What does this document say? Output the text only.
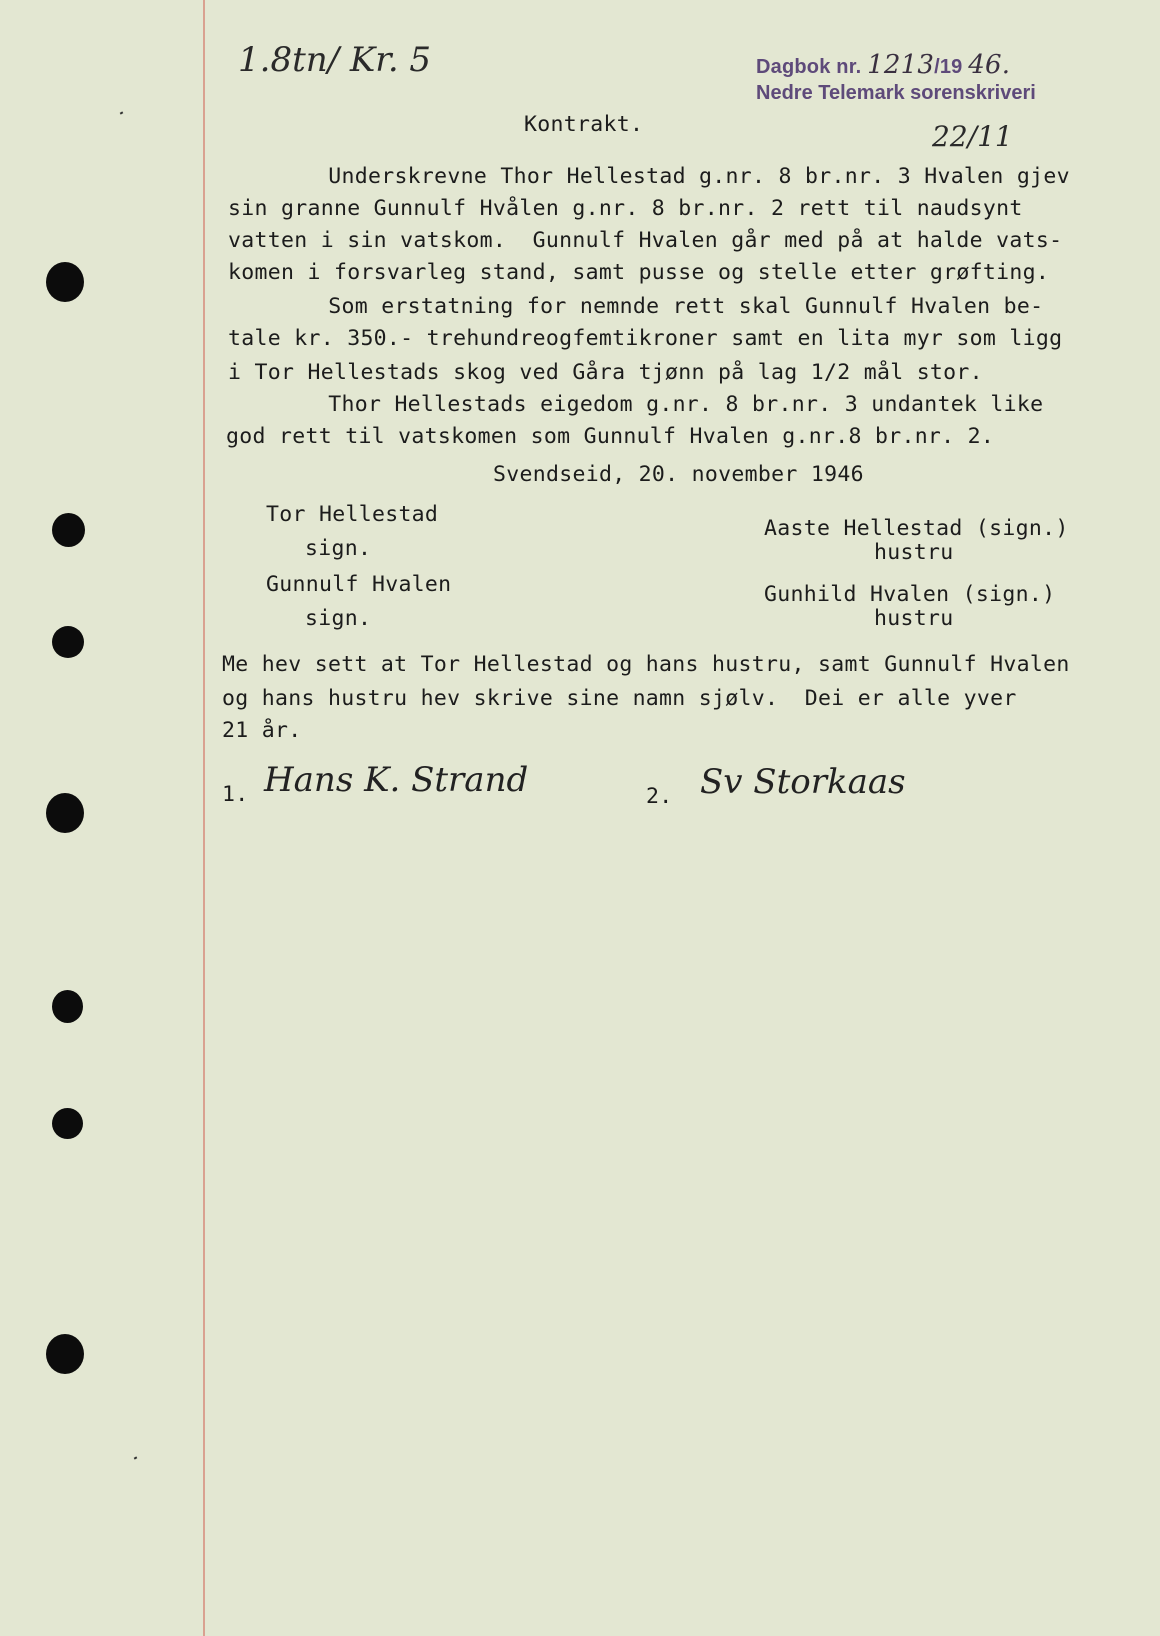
1.8tn/ Kr. 5	Dagbok nr. 1213/19 46.
Nedre Telemark sorenskriveri
22/11
Kontrakt.
Underskrevne Thor Hellestad g.nr. 8 br.nr. 3 Hvalen gjev
sin granne Gunnulf Hvålen g.nr. 8 br.nr. 2 rett til naudsynt
vatten i sin vatskom.  Gunnulf Hvalen går med på at halde vats-
komen i forsvarleg stand, samt pusse og stelle etter grøfting.
Som erstatning for nemnde rett skal Gunnulf Hvalen be-
tale kr. 350.- trehundreogfemtikroner samt en lita myr som ligg
i Tor Hellestads skog ved Gåra tjønn på lag 1/2 mål stor.
Thor Hellestads eigedom g.nr. 8 br.nr. 3 undantek like
god rett til vatskomen som Gunnulf Hvalen g.nr.8 br.nr. 2.
Svendseid, 20. november 1946
Tor Hellestad
sign.
Gunnulf Hvalen
sign.
Aaste Hellestad (sign.)
hustru
Gunhild Hvalen (sign.)
hustru
Me hev sett at Tor Hellestad og hans hustru, samt Gunnulf Hvalen
og hans hustru hev skrive sine namn sjølv.  Dei er alle yver
21 år.
1. Hans K. Strand	2. Sv Storkaas
